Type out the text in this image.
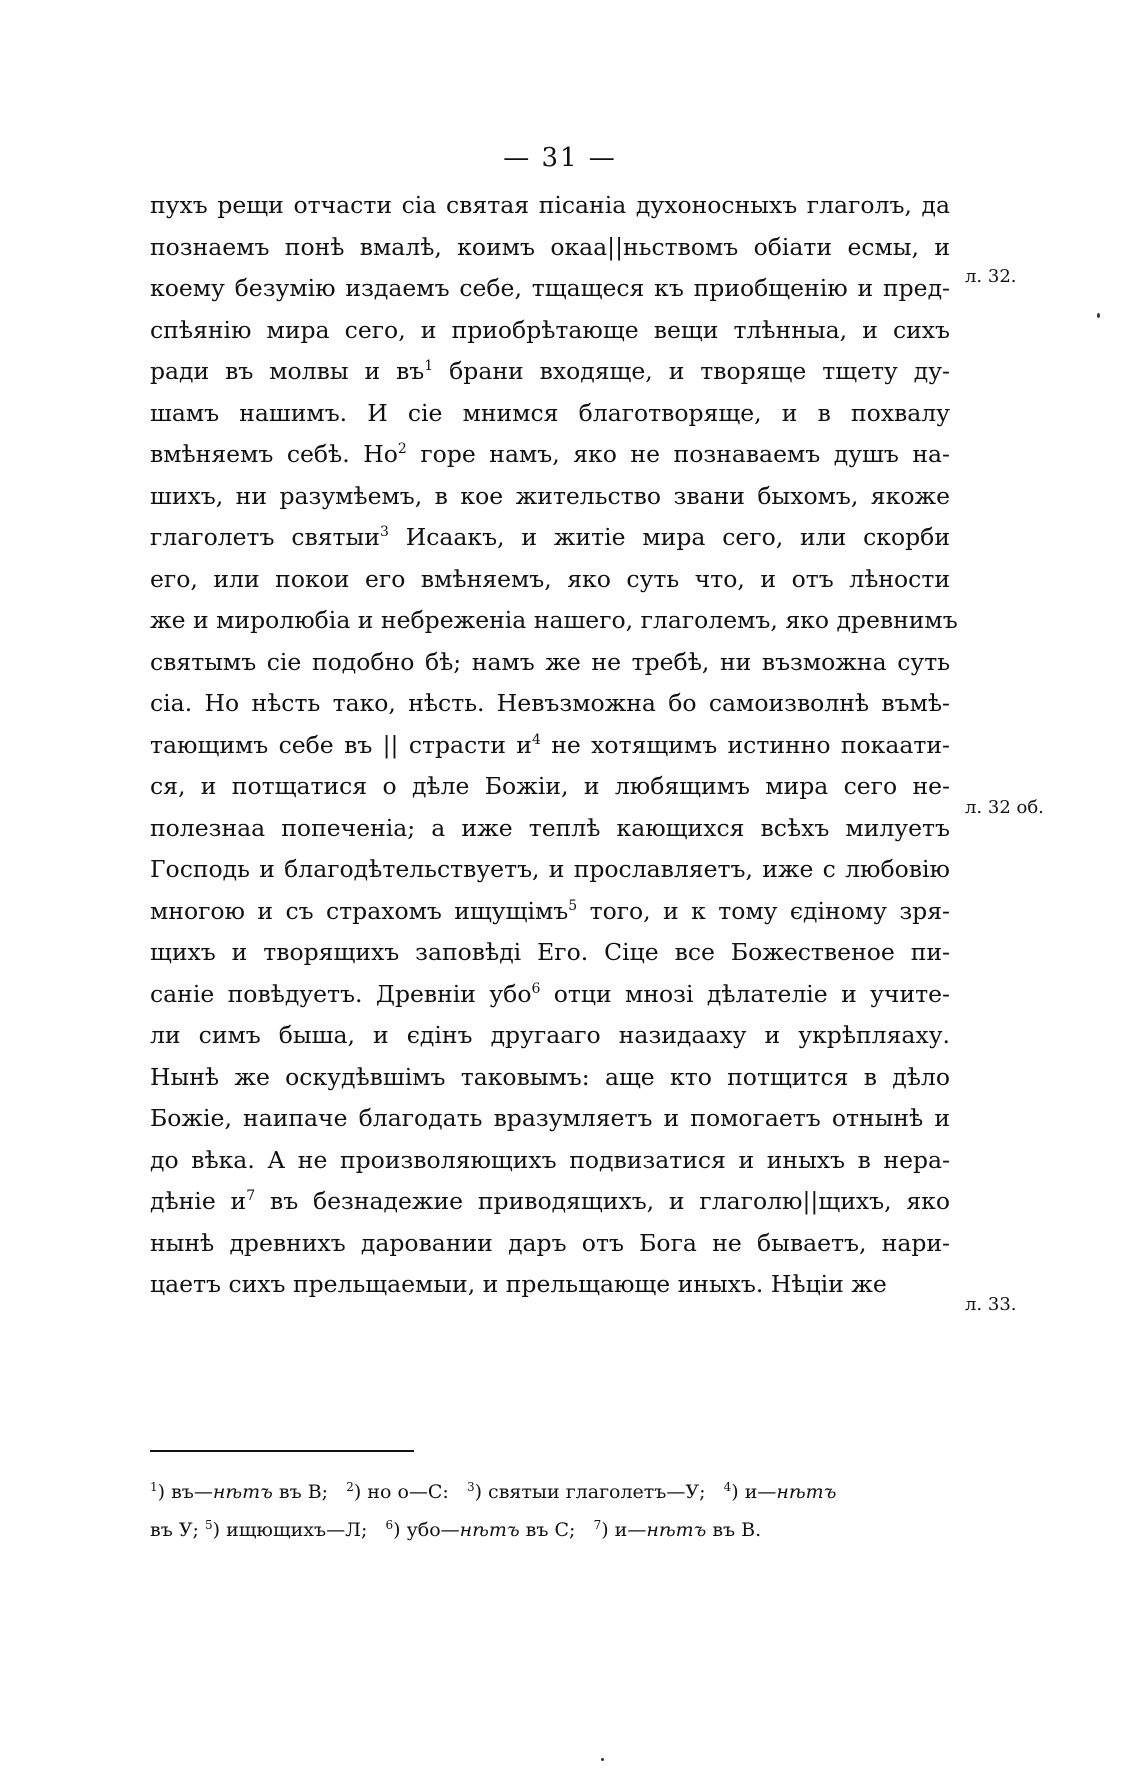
— 31 —
пухъ рещи отчасти сіа святая пісаніа духоносныхъ глаголъ, да
познаемъ понѣ вмалѣ, коимъ окаа||ньствомъ обіати есмы, и
коему безумію издаемъ себе, тщащеся къ приобщенію и пред-
спѣянію мира сего, и приобрѣтающе вещи тлѣнныа, и сихъ
ради въ молвы и $въ^1$ брани входяще, и творяще тщету ду-
шамъ нашимъ. И сіе мнимся благотворяще, и в похвалу
вмѣняемъ себѣ. $Но^2$ горе намъ, яко не познаваемъ душъ на-
шихъ, ни разумѣемъ, в кое жительство звани быхомъ, якоже
глаголетъ святыи$^3$ Исаакъ, и житіе мира сего, или скорби
его, или покои его вмѣняемъ, яко суть что, и отъ лѣности
же и миролюбіа и небреженіа нашего, глаголемъ, яко древнимъ
святымъ сіе подобно бѣ; намъ же не требѣ, ни възможна суть
сіа. Но нѣсть тако, нѣсть. Невъзможна бо самоизволнѣ въмѣ-
тающимъ себе въ || страсти $и^4$ не хотящимъ истинно покаати-
ся, и потщатися о дѣле Божіи, и любящимъ мира сего не-
полезнаа попеченіа; а иже теплѣ кающихся всѣхъ милуетъ
Господь и благодѣтельствуетъ, и прославляетъ, иже с любовію
многою и съ страхомъ ищущімъ$^5$ того, и к тому єдіному зря-
щихъ и творящихъ заповѣді Его. Сіце все Божественое пи-
саніе повѣдуетъ. Древніи убо$^6$ отци мнозі дѣлателіе и учите-
ли симъ быша, и єдінъ другааго назидааху и укрѣпляаху.
Нынѣ же оскудѣвшімъ таковымъ: аще кто потщится в дѣло
Божіе, наипаче благодать вразумляетъ и помогаетъ отнынѣ и
до вѣка. А не произволяющихъ подвизатися и иныхъ в нера-
дѣніе $и^7$ въ безнадежие приводящихъ, и глаголю||щихъ, яко
нынѣ древнихъ даровании даръ отъ Бога не бываетъ, нари-
цаетъ сихъ прельщаемыи, и прельщающе иныхъ. Нѣціи же
л. 32.
л. 32 об.
л. 33.
$^1$) въ—нѣтъ въ В; $^2$) но о—С: $^3$) святыи глаголетъ—У; $^4$) и—нѣтъ
въ У; $^5$) ищющихъ—Л; $^6$) убо—нѣтъ въ С; $^7$) и—нѣтъ въ В.
